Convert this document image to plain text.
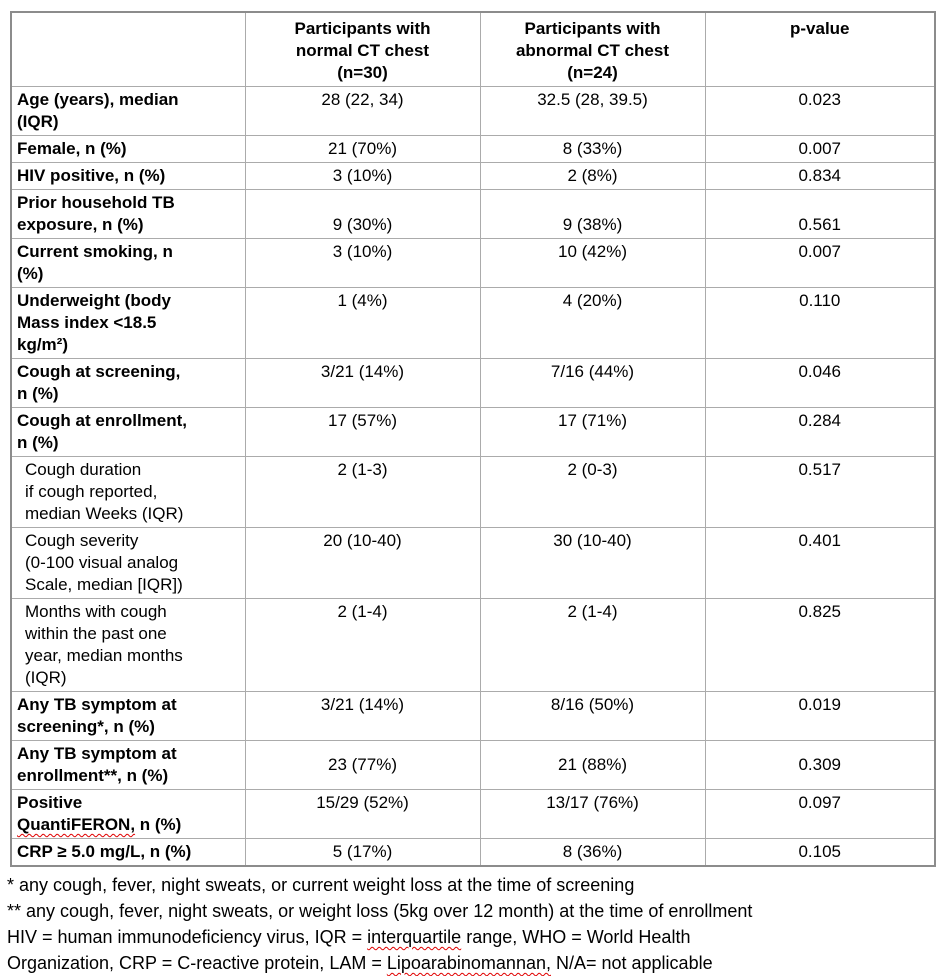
	Participants with
normal CT chest
(n=30)	Participants with
abnormal CT chest
(n=24)	p-value

Age (years), median
(IQR)	28 (22, 34)	32.5 (28, 39.5)	0.023

Female, n (%)	21 (70%)	8 (33%)	0.007

HIV positive, n (%)	3 (10%)	2 (8%)	0.834

Prior household TB
exposure, n (%)	9 (30%)	9 (38%)	0.561

Current smoking, n
(%)	3 (10%)	10 (42%)	0.007

Underweight (body
Mass index <18.5
kg/m²)	1 (4%)	4 (20%)	0.110

Cough at screening,
n (%)	3/21 (14%)	7/16 (44%)	0.046

Cough at enrollment,
n (%)	17 (57%)	17 (71%)	0.284

Cough duration
if cough reported,
median Weeks (IQR)	2 (1-3)	2 (0-3)	0.517

Cough severity
(0-100 visual analog
Scale, median [IQR])	20 (10-40)	30 (10-40)	0.401

Months with cough
within the past one
year, median months
(IQR)	2 (1-4)	2 (1-4)	0.825

Any TB symptom at
screening*, n (%)	3/21 (14%)	8/16 (50%)	0.019

Any TB symptom at
enrollment**, n (%)	23 (77%)	21 (88%)	0.309

Positive
QuantiFERON, n (%)	15/29 (52%)	13/17 (76%)	0.097

CRP ≥ 5.0 mg/L, n (%)	5 (17%)	8 (36%)	0.105
* any cough, fever, night sweats, or current weight loss at the time of screening
** any cough, fever, night sweats, or weight loss (5kg over 12 month) at the time of enrollment
HIV = human immunodeficiency virus, IQR = interquartile range, WHO = World Health
Organization, CRP = C-reactive protein, LAM = Lipoarabinomannan, N/A= not applicable
